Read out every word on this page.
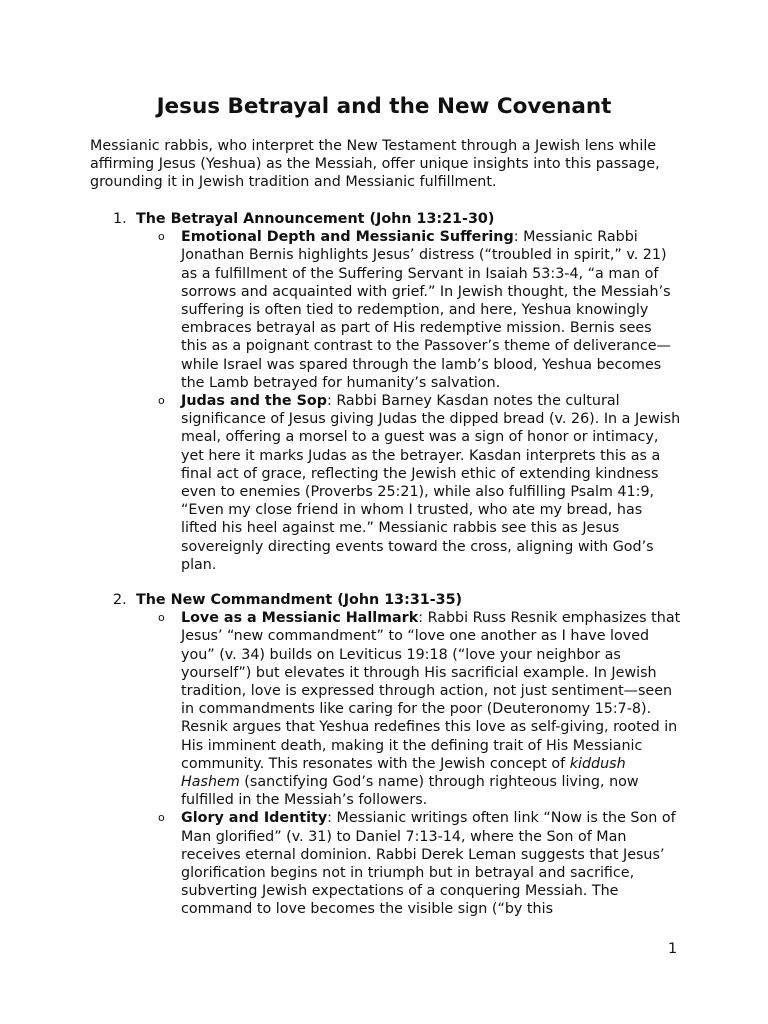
Jesus Betrayal and the New Covenant

Messianic rabbis, who interpret the New Testament through a Jewish lens while affirming Jesus (Yeshua) as the Messiah, offer unique insights into this passage, grounding it in Jewish tradition and Messianic fulfillment.

1. The Betrayal Announcement (John 13:21-30)
o Emotional Depth and Messianic Suffering: Messianic Rabbi Jonathan Bernis highlights Jesus’ distress (“troubled in spirit,” v. 21) as a fulfillment of the Suffering Servant in Isaiah 53:3-4, “a man of sorrows and acquainted with grief.” In Jewish thought, the Messiah’s suffering is often tied to redemption, and here, Yeshua knowingly embraces betrayal as part of His redemptive mission. Bernis sees this as a poignant contrast to the Passover’s theme of deliverance—while Israel was spared through the lamb’s blood, Yeshua becomes the Lamb betrayed for humanity’s salvation.
o Judas and the Sop: Rabbi Barney Kasdan notes the cultural significance of Jesus giving Judas the dipped bread (v. 26). In a Jewish meal, offering a morsel to a guest was a sign of honor or intimacy, yet here it marks Judas as the betrayer. Kasdan interprets this as a final act of grace, reflecting the Jewish ethic of extending kindness even to enemies (Proverbs 25:21), while also fulfilling Psalm 41:9, “Even my close friend in whom I trusted, who ate my bread, has lifted his heel against me.” Messianic rabbis see this as Jesus sovereignly directing events toward the cross, aligning with God’s plan.
2. The New Commandment (John 13:31-35)
o Love as a Messianic Hallmark: Rabbi Russ Resnik emphasizes that Jesus’ “new commandment” to “love one another as I have loved you” (v. 34) builds on Leviticus 19:18 (“love your neighbor as yourself”) but elevates it through His sacrificial example. In Jewish tradition, love is expressed through action, not just sentiment—seen in commandments like caring for the poor (Deuteronomy 15:7-8). Resnik argues that Yeshua redefines this love as self-giving, rooted in His imminent death, making it the defining trait of His Messianic community. This resonates with the Jewish concept of kiddush Hashem (sanctifying God’s name) through righteous living, now fulfilled in the Messiah’s followers.
o Glory and Identity: Messianic writings often link “Now is the Son of Man glorified” (v. 31) to Daniel 7:13-14, where the Son of Man receives eternal dominion. Rabbi Derek Leman suggests that Jesus’ glorification begins not in triumph but in betrayal and sacrifice, subverting Jewish expectations of a conquering Messiah. The command to love becomes the visible sign (“by this
1
